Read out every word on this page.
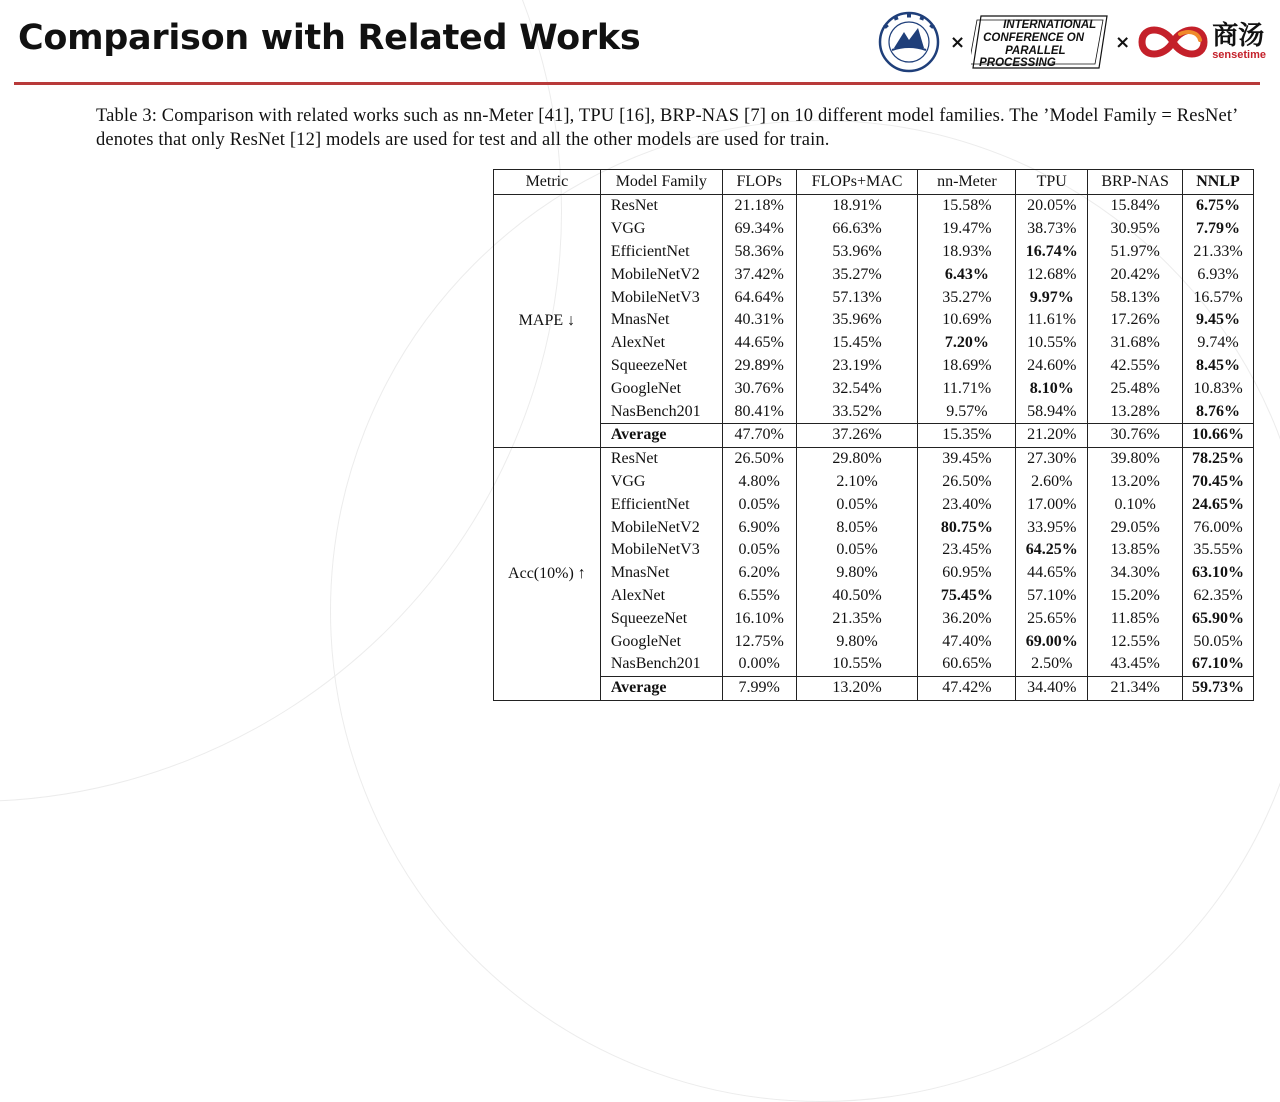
Comparison with Related Works	×
INTERNATIONAL
CONFERENCE ON
PARALLEL
PROCESSING
×	商汤
sensetime

Table 3: Comparison with related works such as nn-Meter [41], TPU [16], BRP-NAS [7] on 10 different model families. The ’Model Family = ResNet’ denotes that only ResNet [12] models are used for test and all the other models are used for train.

Metric	Model Family	FLOPs	FLOPs+MAC	nn-Meter	TPU	BRP-NAS	NNLP
MAPE ↓	ResNet	21.18%	18.91%	15.58%	20.05%	15.84%	6.75%
	VGG	69.34%	66.63%	19.47%	38.73%	30.95%	7.79%
	EfficientNet	58.36%	53.96%	18.93%	16.74%	51.97%	21.33%
	MobileNetV2	37.42%	35.27%	6.43%	12.68%	20.42%	6.93%
	MobileNetV3	64.64%	57.13%	35.27%	9.97%	58.13%	16.57%
	MnasNet	40.31%	35.96%	10.69%	11.61%	17.26%	9.45%
	AlexNet	44.65%	15.45%	7.20%	10.55%	31.68%	9.74%
	SqueezeNet	29.89%	23.19%	18.69%	24.60%	42.55%	8.45%
	GoogleNet	30.76%	32.54%	11.71%	8.10%	25.48%	10.83%
	NasBench201	80.41%	33.52%	9.57%	58.94%	13.28%	8.76%
	Average	47.70%	37.26%	15.35%	21.20%	30.76%	10.66%
Acc(10%) ↑	ResNet	26.50%	29.80%	39.45%	27.30%	39.80%	78.25%
	VGG	4.80%	2.10%	26.50%	2.60%	13.20%	70.45%
	EfficientNet	0.05%	0.05%	23.40%	17.00%	0.10%	24.65%
	MobileNetV2	6.90%	8.05%	80.75%	33.95%	29.05%	76.00%
	MobileNetV3	0.05%	0.05%	23.45%	64.25%	13.85%	35.55%
	MnasNet	6.20%	9.80%	60.95%	44.65%	34.30%	63.10%
	AlexNet	6.55%	40.50%	75.45%	57.10%	15.20%	62.35%
	SqueezeNet	16.10%	21.35%	36.20%	25.65%	11.85%	65.90%
	GoogleNet	12.75%	9.80%	47.40%	69.00%	12.55%	50.05%
	NasBench201	0.00%	10.55%	60.65%	2.50%	43.45%	67.10%
	Average	7.99%	13.20%	47.42%	34.40%	21.34%	59.73%
